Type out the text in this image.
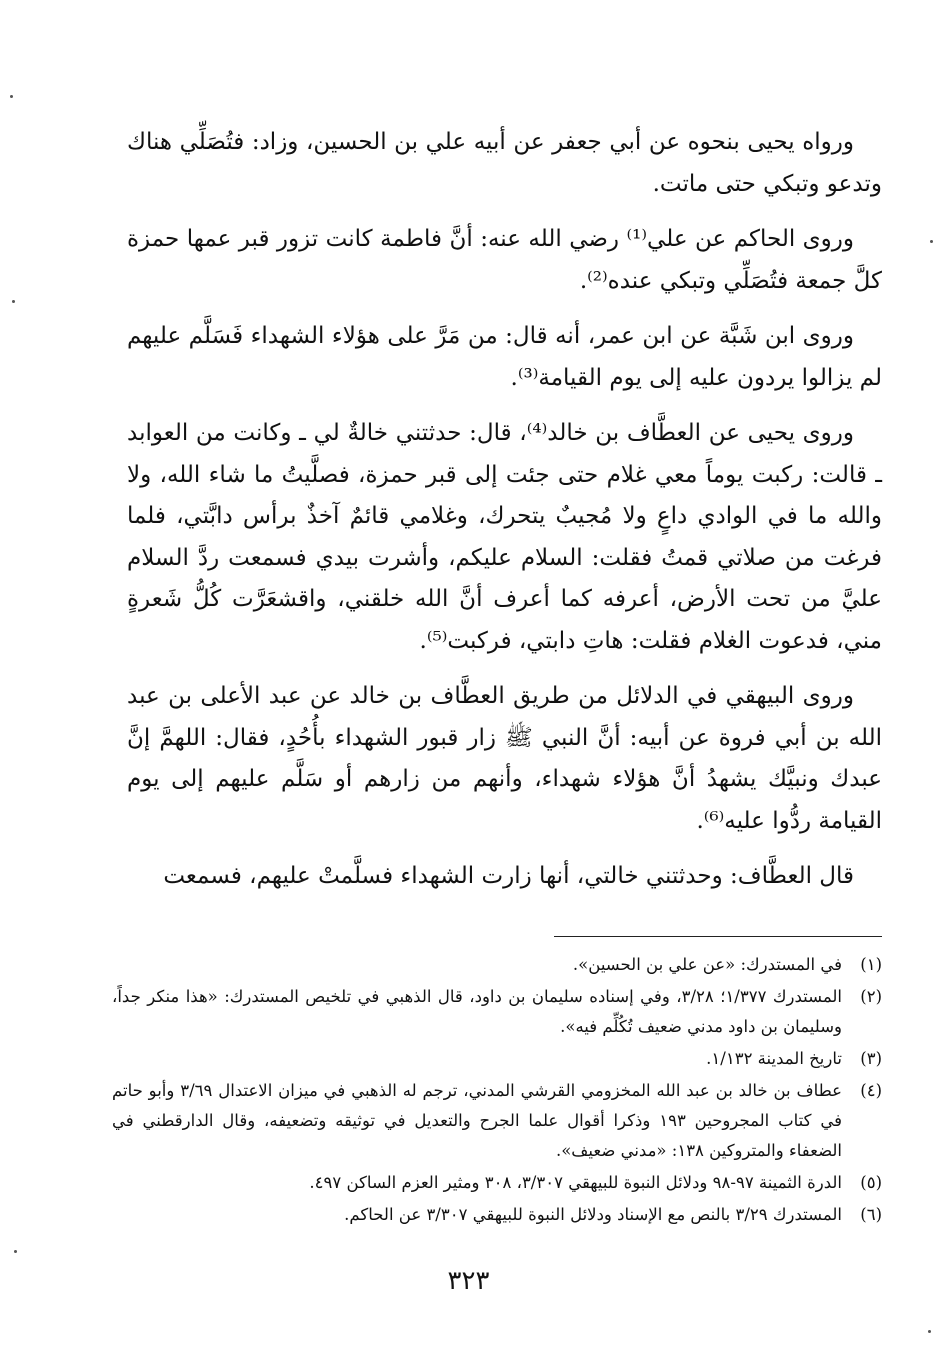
ورواه يحيى بنحوه عن أبي جعفر عن أبيه علي بن الحسين، وزاد: فتُصَلِّي هناك وتدعو وتبكي حتى ماتت.

وروى الحاكم عن علي⁽¹⁾ رضي الله عنه: أنَّ فاطمة كانت تزور قبر عمها حمزة كلَّ جمعة فتُصَلِّي وتبكي عنده⁽²⁾.

وروى ابن شَبَّة عن ابن عمر، أنه قال: من مَرَّ على هؤلاء الشهداء فَسَلَّم عليهم لم يزالوا يردون عليه إلى يوم القيامة⁽³⁾.

وروى يحيى عن العطَّاف بن خالد⁽⁴⁾، قال: حدثتني خالةٌ لي ـ وكانت من العوابد ـ قالت: ركبت يوماً معي غلام حتى جئت إلى قبر حمزة، فصلَّيتُ ما شاء الله، ولا والله ما في الوادي داعٍ ولا مُجيبٌ يتحرك، وغلامي قائمٌ آخذٌ برأس دابَّتي، فلما فرغت من صلاتي قمتُ فقلت: السلام عليكم، وأشرت بيدي فسمعت ردَّ السلام عليَّ من تحت الأرض، أعرفه كما أعرف أنَّ الله خلقني، واقشعَرَّت كُلُّ شَعرةٍ مني، فدعوت الغلام فقلت: هاتِ دابتي، فركبت⁽⁵⁾.

وروى البيهقي في الدلائل من طريق العطَّاف بن خالد عن عبد الأعلى بن عبد الله بن أبي فروة عن أبيه: أنَّ النبي ﷺ زار قبور الشهداء بأُحُدٍ، فقال: اللهمَّ إنَّ عبدك ونبيَّك يشهدُ أنَّ هؤلاء شهداء، وأنهم من زارهم أو سَلَّم عليهم إلى يوم القيامة ردُّوا عليه⁽⁶⁾.

قال العطَّاف: وحدثتني خالتي، أنها زارت الشهداء فسلَّمتْ عليهم، فسمعت

(١)
في المستدرك: «عن علي بن الحسين».
(٢)
المستدرك ١/٣٧٧؛ ٣/٢٨، وفي إسناده سليمان بن داود، قال الذهبي في تلخيص المستدرك: «هذا منكر جداً، وسليمان بن داود مدني ضعيف تُكُلِّم فيه».
(٣)
تاريخ المدينة ١/١٣٢.
(٤)
عطاف بن خالد بن عبد الله المخزومي القرشي المدني، ترجم له الذهبي في ميزان الاعتدال ٣/٦٩ وأبو حاتم في كتاب المجروحين ١٩٣ وذكرا أقوال علما الجرح والتعديل في توثيقه وتضعيفه، وقال الدارقطني في الضعفاء والمتروكين ١٣٨: «مدني ضعيف».
(٥)
الدرة الثمينة ٩٧-٩٨ ودلائل النبوة للبيهقي ٣/٣٠٧، ٣٠٨ ومثير العزم الساكن ٤٩٧.
(٦)
المستدرك ٣/٢٩ بالنص مع الإسناد ودلائل النبوة للبيهقي ٣/٣٠٧ عن الحاكم.
٣٢٣
